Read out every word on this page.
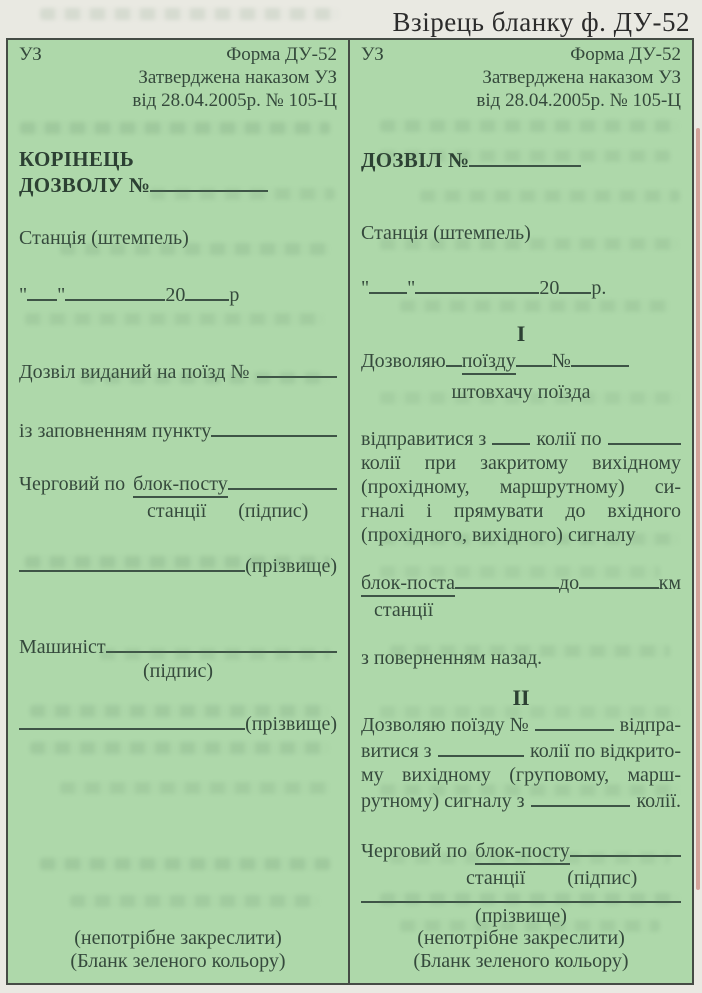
Взірець бланку ф. ДУ-52
УЗ	Форма ДУ-52
Затверджена наказом УЗ
від 28.04.2005р. № 105-Ц
КОРІНЕЦЬ
ДОЗВОЛУ №
Станція (штемпель)
" "	20 р
Дозвіл виданий на поїзд №
із заповненням пункту
Черговий по блок-посту
станції (підпис)
(прізвище)
Машиніст
(підпис)
(прізвище)
(непотрібне закреслити)
(Бланк зеленого кольору)
УЗ	Форма ДУ-52
Затверджена наказом УЗ
від 28.04.2005р. № 105-Ц
ДОЗВІЛ №
Станція (штемпель)
" "	20 р.
I
Дозволяю поїзду №
штовхачу поїзда
відправитися з	колії по
колії при закритому вихідному
(прохідному, маршрутному) си-
гналі і прямувати до вхідного
(прохідного, вихідного) сигналу
блок-поста	до	км
станції
з поверненням назад.
II
Дозволяю поїзду №	відпра-
витися з	колії по відкрито-
му вихідному (груповому, марш-
рутному) сигналу з	колії.
Черговий по блок-посту
станції (підпис)
(прізвище)
(непотрібне закреслити)
(Бланк зеленого кольору)
